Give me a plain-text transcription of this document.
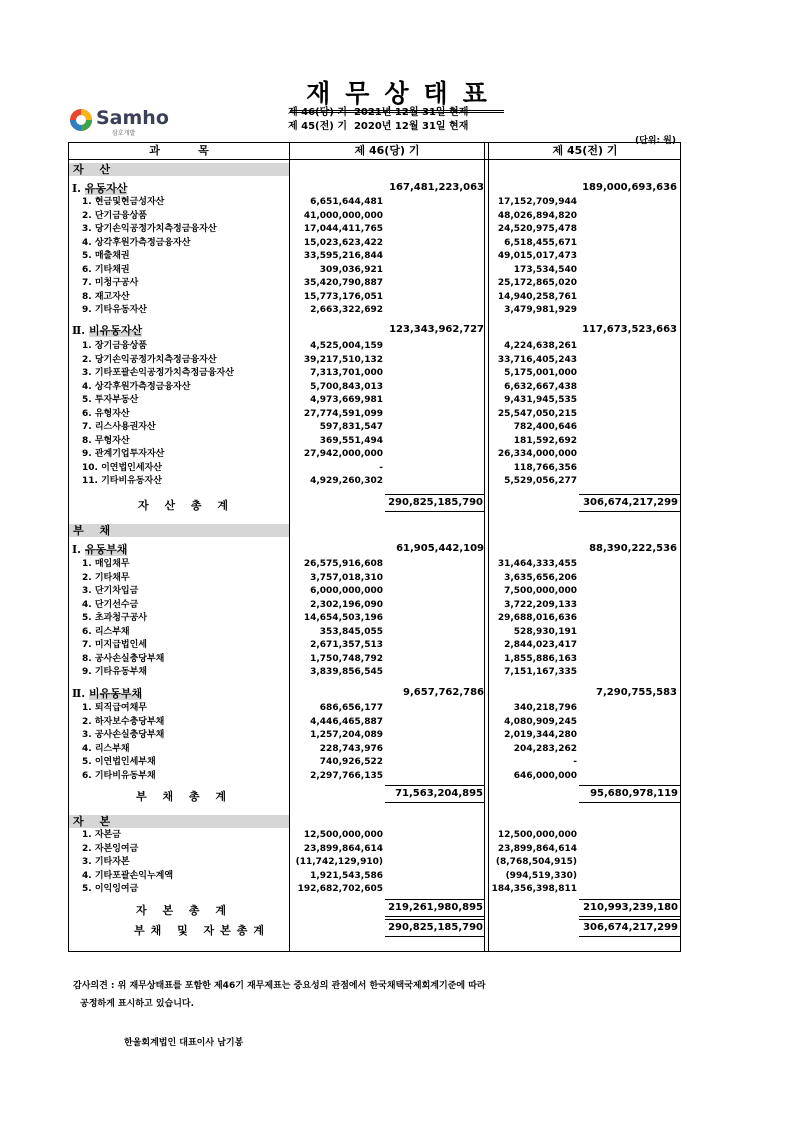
재무상태표
Samho
삼호개발
제 46(당) 기  2021년 12월 31일 현재
제 45(전) 기  2020년 12월 31일 현재
(단위: 원)
과          목	제 46(당) 기	제 45(전) 기
자 산
Ⅰ. 유동자산	167,481,223,063	189,000,693,636
1. 현금및현금성자산	6,651,644,481	17,152,709,944
2. 단기금융상품	41,000,000,000	48,026,894,820
3. 당기손익공정가치측정금융자산	17,044,411,765	24,520,975,478
4. 상각후원가측정금융자산	15,023,623,422	6,518,455,671
5. 매출채권	33,595,216,844	49,015,017,473
6. 기타채권	309,036,921	173,534,540
7. 미청구공사	35,420,790,887	25,172,865,020
8. 재고자산	15,773,176,051	14,940,258,761
9. 기타유동자산	2,663,322,692	3,479,981,929
Ⅱ. 비유동자산	123,343,962,727	117,673,523,663
1. 장기금융상품	4,525,004,159	4,224,638,261
2. 당기손익공정가치측정금융자산	39,217,510,132	33,716,405,243
3. 기타포괄손익공정가치측정금융자산	7,313,701,000	5,175,001,000
4. 상각후원가측정금융자산	5,700,843,013	6,632,667,438
5. 투자부동산	4,973,669,981	9,431,945,535
6. 유형자산	27,774,591,099	25,547,050,215
7. 리스사용권자산	597,831,547	782,400,646
8. 무형자산	369,551,494	181,592,692
9. 관계기업투자자산	27,942,000,000	26,334,000,000
10. 이연법인세자산	-	118,766,356
11. 기타비유동자산	4,929,260,302	5,529,056,277
자 산 총 계	290,825,185,790	306,674,217,299
부 채
Ⅰ. 유동부채	61,905,442,109	88,390,222,536
1. 매입채무	26,575,916,608	31,464,333,455
2. 기타채무	3,757,018,310	3,635,656,206
3. 단기차입금	6,000,000,000	7,500,000,000
4. 단기선수금	2,302,196,090	3,722,209,133
5. 초과청구공사	14,654,503,196	29,688,016,636
6. 리스부채	353,845,055	528,930,191
7. 미지급법인세	2,671,357,513	2,844,023,417
8. 공사손실충당부채	1,750,748,792	1,855,886,163
9. 기타유동부채	3,839,856,545	7,151,167,335
Ⅱ. 비유동부채	9,657,762,786	7,290,755,583
1. 퇴직급여채무	686,656,177	340,218,796
2. 하자보수충당부채	4,446,465,887	4,080,909,245
3. 공사손실충당부채	1,257,204,089	2,019,344,280
4. 리스부채	228,743,976	204,283,262
5. 이연법인세부채	740,926,522	-
6. 기타비유동부채	2,297,766,135	646,000,000
부 채 총 계	71,563,204,895	95,680,978,119
자 본
1. 자본금	12,500,000,000	12,500,000,000
2. 자본잉여금	23,899,864,614	23,899,864,614
3. 기타자본	(11,742,129,910)	(8,768,504,915)
4. 기타포괄손익누계액	1,921,543,586	(994,519,330)
5. 이익잉여금	192,682,702,605	184,356,398,811
자 본 총 계	219,261,980,895	210,993,239,180
부채 및 자본총계	290,825,185,790	306,674,217,299
감사의견 : 위 재무상태표를 포함한 제46기 재무제표는 중요성의 관점에서 한국채택국제회계기준에 따라
공정하게 표시하고 있습니다.
한울회계법인 대표이사 남기봉
